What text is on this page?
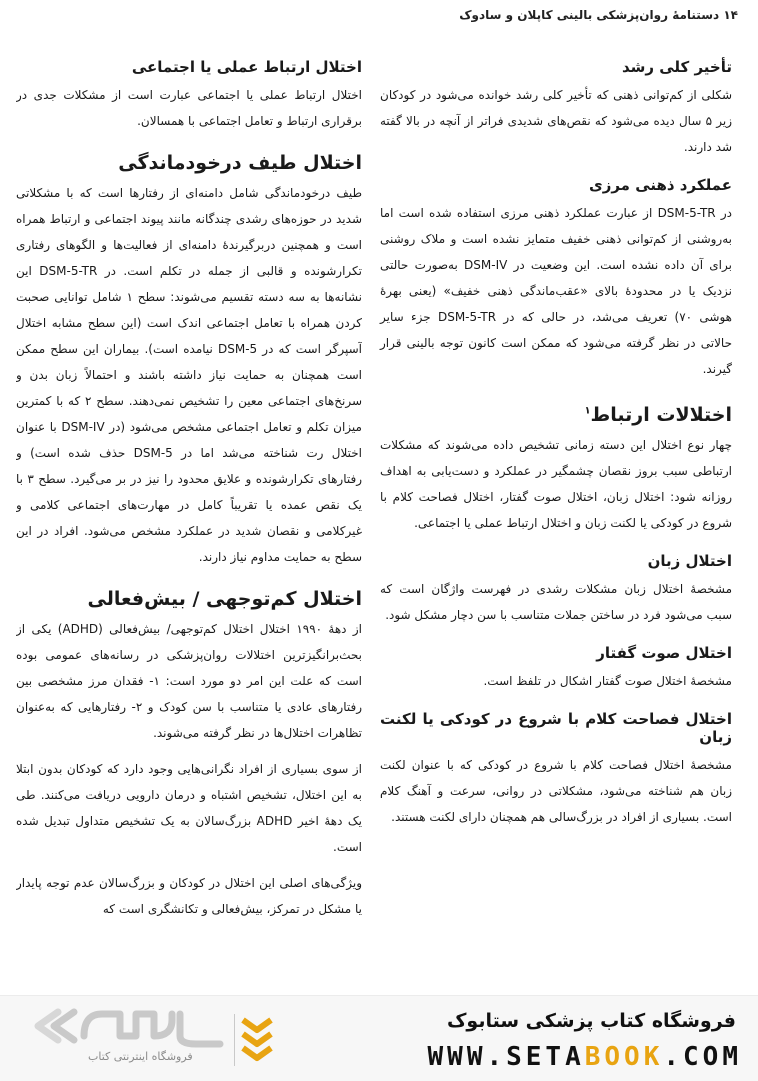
۱۴ دستنامهٔ روان‌پزشکی بالینی کاپلان و سادوک
تأخیر کلی رشد

شکلی از کم‌توانی ذهنی که تأخیر کلی رشد خوانده می‌شود در کودکان زیر ۵ سال دیده می‌شود که نقص‌های شدیدی فراتر از آنچه در بالا گفته شد دارند.

عملکرد ذهنی مرزی

در DSM-5-TR از عبارت عملکرد ذهنی مرزی استفاده شده است اما به‌روشنی از کم‌توانی ذهنی خفیف متمایز نشده است و ملاک روشنی برای آن داده نشده است. این وضعیت در DSM-IV به‌صورت حالتی نزدیک یا در محدودهٔ بالای «عقب‌ماندگی ذهنی خفیف» (یعنی بهرهٔ هوشی ۷۰) تعریف می‌شد، در حالی که در DSM-5-TR جزء سایر حالاتی در نظر گرفته می‌شود که ممکن است کانون توجه بالینی قرار گیرند.

اختلالات ارتباط$^۱$

چهار نوع اختلال این دسته زمانی تشخیص داده می‌شوند که مشکلات ارتباطی سبب بروز نقصان چشمگیر در عملکرد و دست‌یابی به اهداف روزانه شود: اختلال زبان، اختلال صوت گفتار، اختلال فصاحت کلام با شروع در کودکی یا لکنت زبان و اختلال ارتباط عملی یا اجتماعی.

اختلال زبان

مشخصهٔ اختلال زبان مشکلات رشدی در فهرست واژگان است که سبب می‌شود فرد در ساختن جملات متناسب با سن دچار مشکل شود.

اختلال صوت گفتار

مشخصهٔ اختلال صوت گفتار اشکال در تلفظ است.

اختلال فصاحت کلام با شروع در کودکی یا لکنت زبان

مشخصهٔ اختلال فصاحت کلام با شروع در کودکی که با عنوان لکنت زبان هم شناخته می‌شود، مشکلاتی در روانی، سرعت و آهنگ کلام است. بسیاری از افراد در بزرگ‌سالی هم همچنان دارای لکنت هستند.

اختلال ارتباط عملی یا اجتماعی

اختلال ارتباط عملی یا اجتماعی عبارت است از مشکلات جدی در برقراری ارتباط و تعامل اجتماعی با همسالان.

اختلال طیف درخودماندگی

طیف درخودماندگی شامل دامنه‌ای از رفتارها است که با مشکلاتی شدید در حوزه‌های رشدی چندگانه مانند پیوند اجتماعی و ارتباط همراه است و همچنین دربرگیرندهٔ دامنه‌ای از فعالیت‌ها و الگوهای رفتاری تکرارشونده و قالبی از جمله در تکلم است. در DSM-5-TR این نشانه‌ها به سه دسته تقسیم می‌شوند: سطح ۱ شامل توانایی صحبت کردن همراه با تعامل اجتماعی اندک است (این سطح مشابه اختلال آسپرگر است که در DSM-5 نیامده است). بیماران این سطح ممکن است همچنان به حمایت نیاز داشته باشند و احتمالاً زبان بدن و سرنخ‌های اجتماعی معین را تشخیص نمی‌دهند. سطح ۲ که با کمترین میزان تکلم و تعامل اجتماعی مشخص می‌شود (در DSM-IV با عنوان اختلال رت شناخته می‌شد اما در DSM-5 حذف شده است) و رفتارهای تکرارشونده و علایق محدود را نیز در بر می‌گیرد. سطح ۳ با یک نقص عمده یا تقریباً کامل در مهارت‌های اجتماعی کلامی و غیرکلامی و نقصان شدید در عملکرد مشخص می‌شود. افراد در این سطح به حمایت مداوم نیاز دارند.

اختلال کم‌توجهی / بیش‌فعالی

از دههٔ ۱۹۹۰ اختلال اختلال کم‌توجهی/ بیش‌فعالی (ADHD) یکی از بحث‌برانگیزترین اختلالات روان‌پزشکی در رسانه‌های عمومی بوده است که علت این امر دو مورد است: ۱- فقدان مرز مشخصی بین رفتارهای عادی یا متناسب با سن کودک و ۲- رفتارهایی که به‌عنوان تظاهرات اختلال‌ها در نظر گرفته می‌شوند.

از سوی بسیاری از افراد نگرانی‌هایی وجود دارد که کودکان بدون ابتلا به این اختلال، تشخیص اشتباه و درمان دارویی دریافت می‌کنند. طی یک دههٔ اخیر ADHD بزرگ‌سالان به یک تشخیص متداول تبدیل شده است.

ویژگی‌های اصلی این اختلال در کودکان و بزرگ‌سالان عدم توجه پایدار یا مشکل در تمرکز، بیش‌فعالی و تکانشگری است که

فروشگاه اینترنتی کتاب
فروشگاه کتاب پزشکی ستابوک
WWW.SETABOOK.COM
